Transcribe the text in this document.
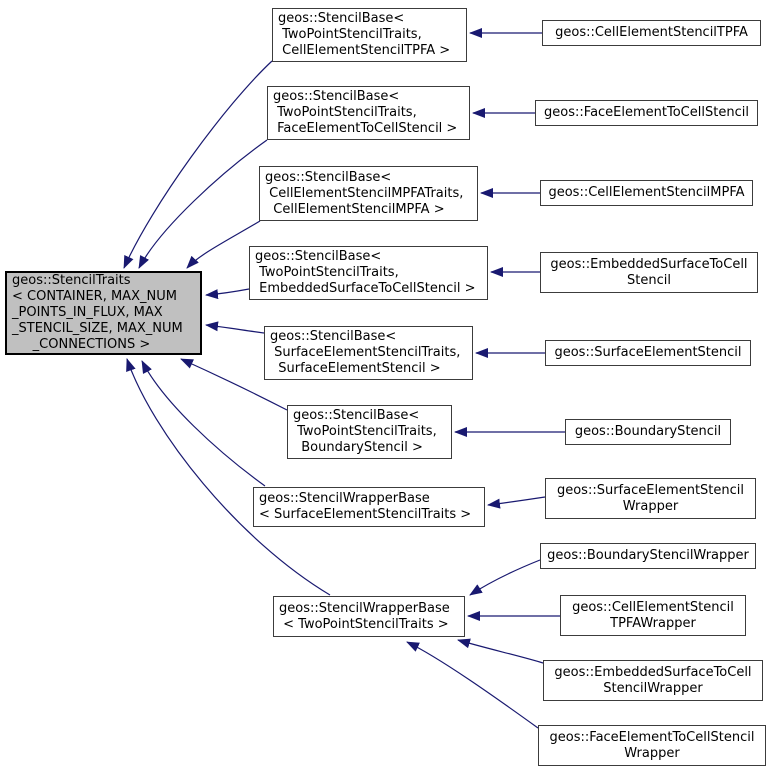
geos::StencilTraits
< CONTAINER, MAX_NUM
_POINTS_IN_FLUX, MAX
_STENCIL_SIZE, MAX_NUM
_CONNECTIONS >
geos::StencilBase<
TwoPointStencilTraits,
CellElementStencilTPFA >
geos::StencilBase<
TwoPointStencilTraits,
FaceElementToCellStencil >
geos::StencilBase<
CellElementStencilMPFATraits,
CellElementStencilMPFA >
geos::StencilBase<
TwoPointStencilTraits,
EmbeddedSurfaceToCellStencil >
geos::StencilBase<
SurfaceElementStencilTraits,
SurfaceElementStencil >
geos::StencilBase<
TwoPointStencilTraits,
BoundaryStencil >
geos::StencilWrapperBase
< SurfaceElementStencilTraits >
geos::StencilWrapperBase
< TwoPointStencilTraits >
geos::CellElementStencilTPFA
geos::FaceElementToCellStencil
geos::CellElementStencilMPFA
geos::EmbeddedSurfaceToCell
Stencil
geos::SurfaceElementStencil
geos::BoundaryStencil
geos::SurfaceElementStencil
Wrapper
geos::BoundaryStencilWrapper
geos::CellElementStencil
TPFAWrapper
geos::EmbeddedSurfaceToCell
StencilWrapper
geos::FaceElementToCellStencil
Wrapper
